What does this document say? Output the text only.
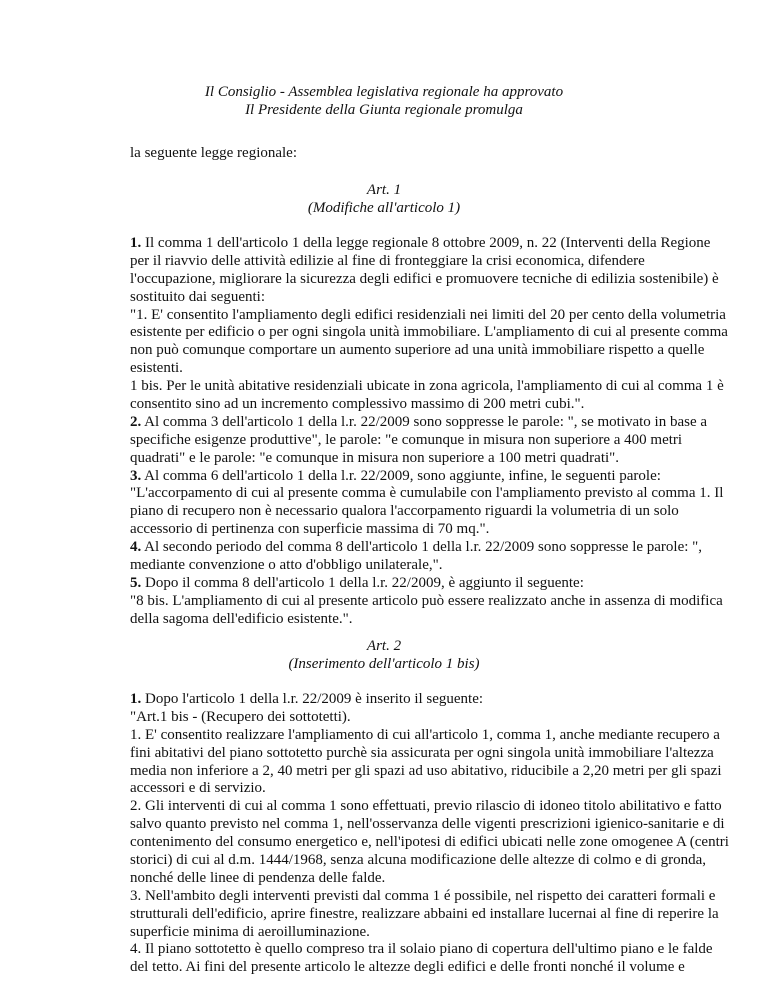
Il Consiglio - Assemblea legislativa regionale ha approvato
Il Presidente della Giunta regionale promulga
la seguente legge regionale:
Art. 1
(Modifiche all'articolo 1)
1. Il comma 1 dell'articolo 1 della legge regionale 8 ottobre 2009, n. 22 (Interventi della Regione
per il riavvio delle attività edilizie al fine di fronteggiare la crisi economica, difendere
l'occupazione, migliorare la sicurezza degli edifici e promuovere tecniche di edilizia sostenibile) è
sostituito dai seguenti:
"1. E' consentito l'ampliamento degli edifici residenziali nei limiti del 20 per cento della volumetria
esistente per edificio o per ogni singola unità immobiliare. L'ampliamento di cui al presente comma
non può comunque comportare un aumento superiore ad una unità immobiliare rispetto a quelle
esistenti.
1 bis. Per le unità abitative residenziali ubicate in zona agricola, l'ampliamento di cui al comma 1 è
consentito sino ad un incremento complessivo massimo di 200 metri cubi.".
2. Al comma 3 dell'articolo 1 della l.r. 22/2009 sono soppresse le parole: ", se motivato in base a
specifiche esigenze produttive", le parole: "e comunque in misura non superiore a 400 metri
quadrati" e le parole: "e comunque in misura non superiore a 100 metri quadrati".
3. Al comma 6 dell'articolo 1 della l.r. 22/2009, sono aggiunte, infine, le seguenti parole:
"L'accorpamento di cui al presente comma è cumulabile con l'ampliamento previsto al comma 1. Il
piano di recupero non è necessario qualora l'accorpamento riguardi la volumetria di un solo
accessorio di pertinenza con superficie massima di 70 mq.".
4. Al secondo periodo del comma 8 dell'articolo 1 della l.r. 22/2009 sono soppresse le parole: ",
mediante convenzione o atto d'obbligo unilaterale,".
5. Dopo il comma 8 dell'articolo 1 della l.r. 22/2009, è aggiunto il seguente:
"8 bis. L'ampliamento di cui al presente articolo può essere realizzato anche in assenza di modifica
della sagoma dell'edificio esistente.".
Art. 2
(Inserimento dell'articolo 1 bis)
1. Dopo l'articolo 1 della l.r. 22/2009 è inserito il seguente:
"Art.1 bis - (Recupero dei sottotetti).
1. E' consentito realizzare l'ampliamento di cui all'articolo 1, comma 1, anche mediante recupero a
fini abitativi del piano sottotetto purchè sia assicurata per ogni singola unità immobiliare l'altezza
media non inferiore a 2, 40 metri per gli spazi ad uso abitativo, riducibile a 2,20 metri per gli spazi
accessori e di servizio.
2. Gli interventi di cui al comma 1 sono effettuati, previo rilascio di idoneo titolo abilitativo e fatto
salvo quanto previsto nel comma 1, nell'osservanza delle vigenti prescrizioni igienico-sanitarie e di
contenimento del consumo energetico e, nell'ipotesi di edifici ubicati nelle zone omogenee A (centri
storici) di cui al d.m. 1444/1968, senza alcuna modificazione delle altezze di colmo e di gronda,
nonché delle linee di pendenza delle falde.
3. Nell'ambito degli interventi previsti dal comma 1 é possibile, nel rispetto dei caratteri formali e
strutturali dell'edificio, aprire finestre, realizzare abbaini ed installare lucernai al fine di reperire la
superficie minima di aeroilluminazione.
4. Il piano sottotetto è quello compreso tra il solaio piano di copertura dell'ultimo piano e le falde
del tetto. Ai fini del presente articolo le altezze degli edifici e delle fronti nonché il volume e
